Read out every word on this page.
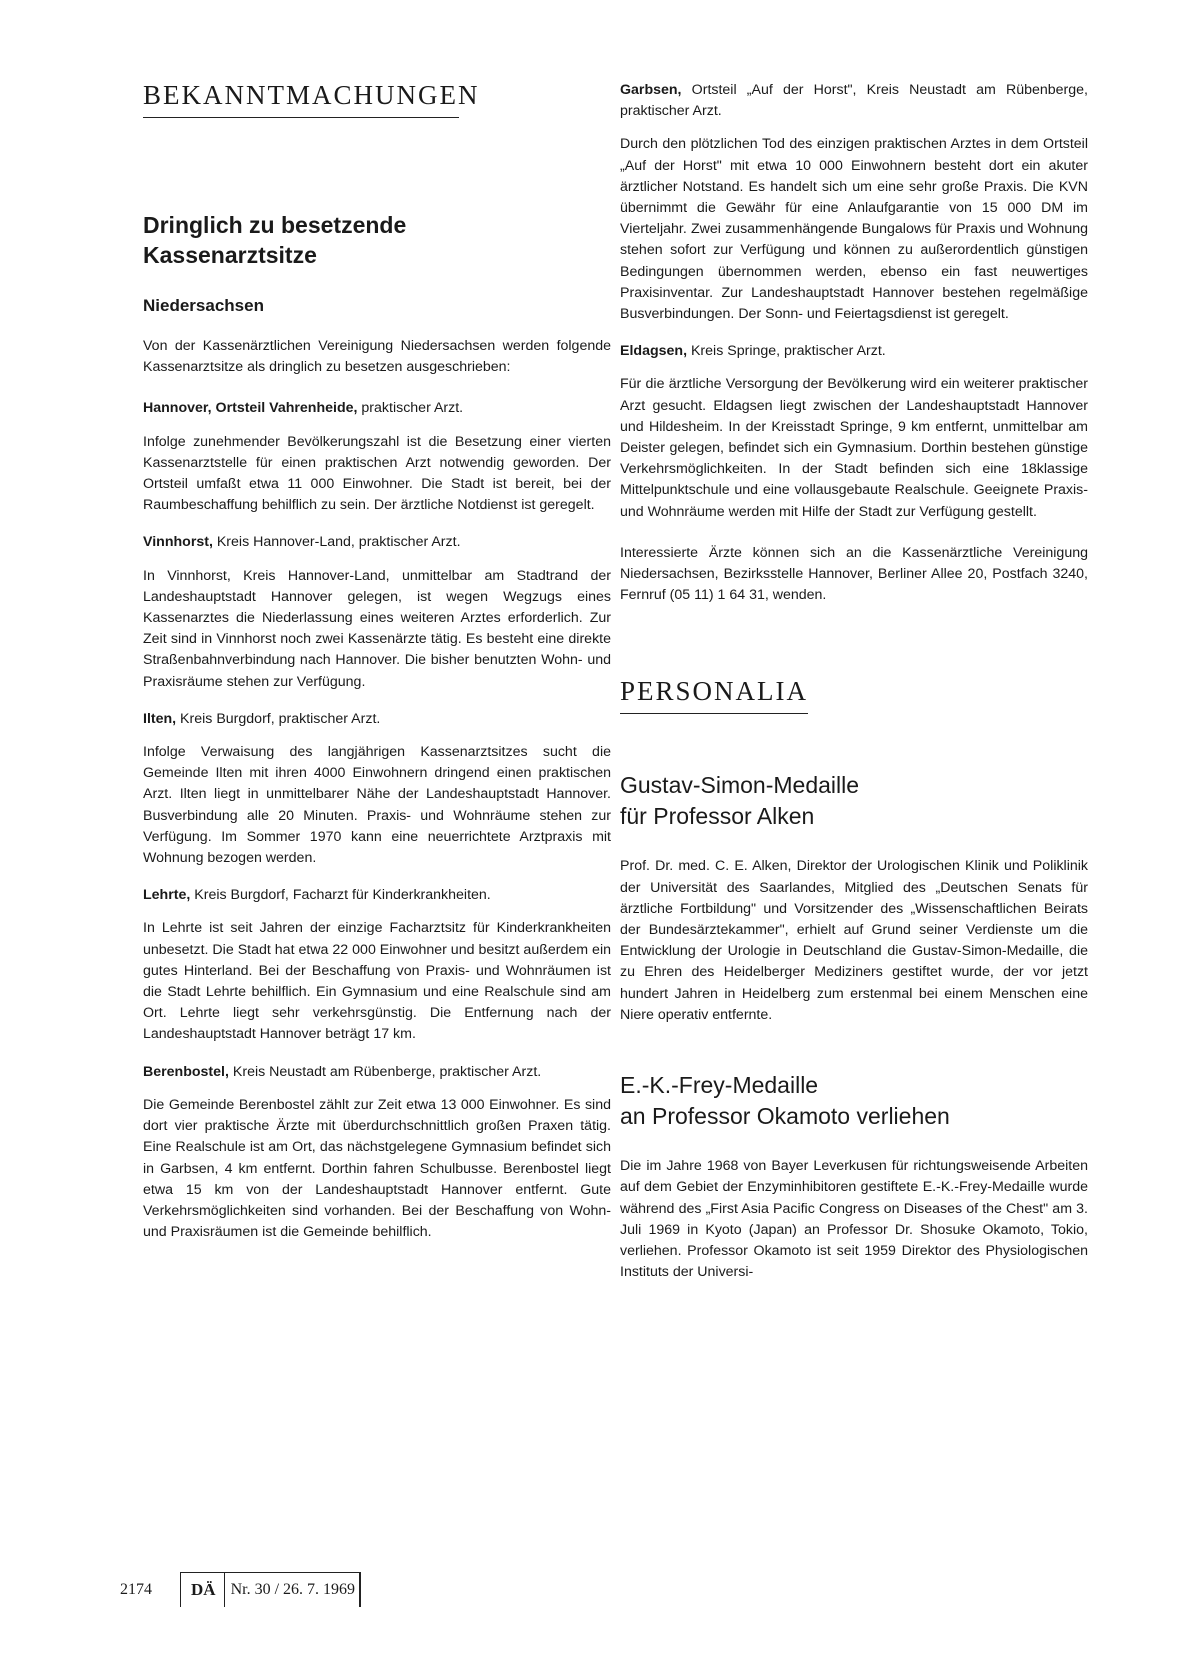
BEKANNTMACHUNGEN
Dringlich zu besetzende
Kassenarztsitze
Niedersachsen

Von der Kassenärztlichen Vereinigung Niedersachsen werden folgende Kassenarztsitze als dringlich zu besetzen ausgeschrieben:

Hannover, Ortsteil Vahrenheide, praktischer Arzt.

Infolge zunehmender Bevölkerungszahl ist die Besetzung einer vierten Kassenarztstelle für einen praktischen Arzt notwendig geworden. Der Ortsteil umfaßt etwa 11 000 Einwohner. Die Stadt ist bereit, bei der Raumbeschaffung behilflich zu sein. Der ärztliche Notdienst ist geregelt.

Vinnhorst, Kreis Hannover-Land, praktischer Arzt.

In Vinnhorst, Kreis Hannover-Land, unmittelbar am Stadtrand der Landeshauptstadt Hannover gelegen, ist wegen Wegzugs eines Kassenarztes die Niederlassung eines weiteren Arztes erforderlich. Zur Zeit sind in Vinnhorst noch zwei Kassenärzte tätig. Es besteht eine direkte Straßenbahnverbindung nach Hannover. Die bisher benutzten Wohn- und Praxisräume stehen zur Verfügung.

Ilten, Kreis Burgdorf, praktischer Arzt.

Infolge Verwaisung des langjährigen Kassenarztsitzes sucht die Gemeinde Ilten mit ihren 4000 Einwohnern dringend einen praktischen Arzt. Ilten liegt in unmittelbarer Nähe der Landeshauptstadt Hannover. Busverbindung alle 20 Minuten. Praxis- und Wohnräume stehen zur Verfügung. Im Sommer 1970 kann eine neuerrichtete Arztpraxis mit Wohnung bezogen werden.

Lehrte, Kreis Burgdorf, Facharzt für Kinderkrankheiten.

In Lehrte ist seit Jahren der einzige Facharztsitz für Kinderkrankheiten unbesetzt. Die Stadt hat etwa 22 000 Einwohner und besitzt außerdem ein gutes Hinterland. Bei der Beschaffung von Praxis- und Wohnräumen ist die Stadt Lehrte behilflich. Ein Gymnasium und eine Realschule sind am Ort. Lehrte liegt sehr verkehrsgünstig. Die Entfernung nach der Landeshauptstadt Hannover beträgt 17 km.

Berenbostel, Kreis Neustadt am Rübenberge, praktischer Arzt.

Die Gemeinde Berenbostel zählt zur Zeit etwa 13 000 Einwohner. Es sind dort vier praktische Ärzte mit überdurchschnittlich großen Praxen tätig. Eine Realschule ist am Ort, das nächstgelegene Gymnasium befindet sich in Garbsen, 4 km entfernt. Dorthin fahren Schulbusse. Berenbostel liegt etwa 15 km von der Landeshauptstadt Hannover entfernt. Gute Verkehrsmöglichkeiten sind vorhanden. Bei der Beschaffung von Wohn- und Praxisräumen ist die Gemeinde behilflich.

Garbsen, Ortsteil „Auf der Horst", Kreis Neustadt am Rübenberge, praktischer Arzt.

Durch den plötzlichen Tod des einzigen praktischen Arztes in dem Ortsteil „Auf der Horst" mit etwa 10 000 Einwohnern besteht dort ein akuter ärztlicher Notstand. Es handelt sich um eine sehr große Praxis. Die KVN übernimmt die Gewähr für eine Anlaufgarantie von 15 000 DM im Vierteljahr. Zwei zusammenhängende Bungalows für Praxis und Wohnung stehen sofort zur Verfügung und können zu außerordentlich günstigen Bedingungen übernommen werden, ebenso ein fast neuwertiges Praxisinventar. Zur Landeshauptstadt Hannover bestehen regelmäßige Busverbindungen. Der Sonn- und Feiertagsdienst ist geregelt.

Eldagsen, Kreis Springe, praktischer Arzt.

Für die ärztliche Versorgung der Bevölkerung wird ein weiterer praktischer Arzt gesucht. Eldagsen liegt zwischen der Landeshauptstadt Hannover und Hildesheim. In der Kreisstadt Springe, 9 km entfernt, unmittelbar am Deister gelegen, befindet sich ein Gymnasium. Dorthin bestehen günstige Verkehrsmöglichkeiten. In der Stadt befinden sich eine 18klassige Mittelpunktschule und eine vollausgebaute Realschule. Geeignete Praxis- und Wohnräume werden mit Hilfe der Stadt zur Verfügung gestellt.

Interessierte Ärzte können sich an die Kassenärztliche Vereinigung Niedersachsen, Bezirksstelle Hannover, Berliner Allee 20, Postfach 3240, Fernruf (05 11) 1 64 31, wenden.

PERSONALIA
Gustav-Simon-Medaille
für Professor Alken

Prof. Dr. med. C. E. Alken, Direktor der Urologischen Klinik und Poliklinik der Universität des Saarlandes, Mitglied des „Deutschen Senats für ärztliche Fortbildung" und Vorsitzender des „Wissenschaftlichen Beirats der Bundesärztekammer", erhielt auf Grund seiner Verdienste um die Entwicklung der Urologie in Deutschland die Gustav-Simon-Medaille, die zu Ehren des Heidelberger Mediziners gestiftet wurde, der vor jetzt hundert Jahren in Heidelberg zum erstenmal bei einem Menschen eine Niere operativ entfernte.

E.-K.-Frey-Medaille
an Professor Okamoto verliehen

Die im Jahre 1968 von Bayer Leverkusen für richtungsweisende Arbeiten auf dem Gebiet der Enzyminhibitoren gestiftete E.-K.-Frey-Medaille wurde während des „First Asia Pacific Congress on Diseases of the Chest" am 3. Juli 1969 in Kyoto (Japan) an Professor Dr. Shosuke Okamoto, Tokio, verliehen. Professor Okamoto ist seit 1959 Direktor des Physiologischen Instituts der Universi-

2174	DÄ Nr. 30 / 26. 7. 1969
